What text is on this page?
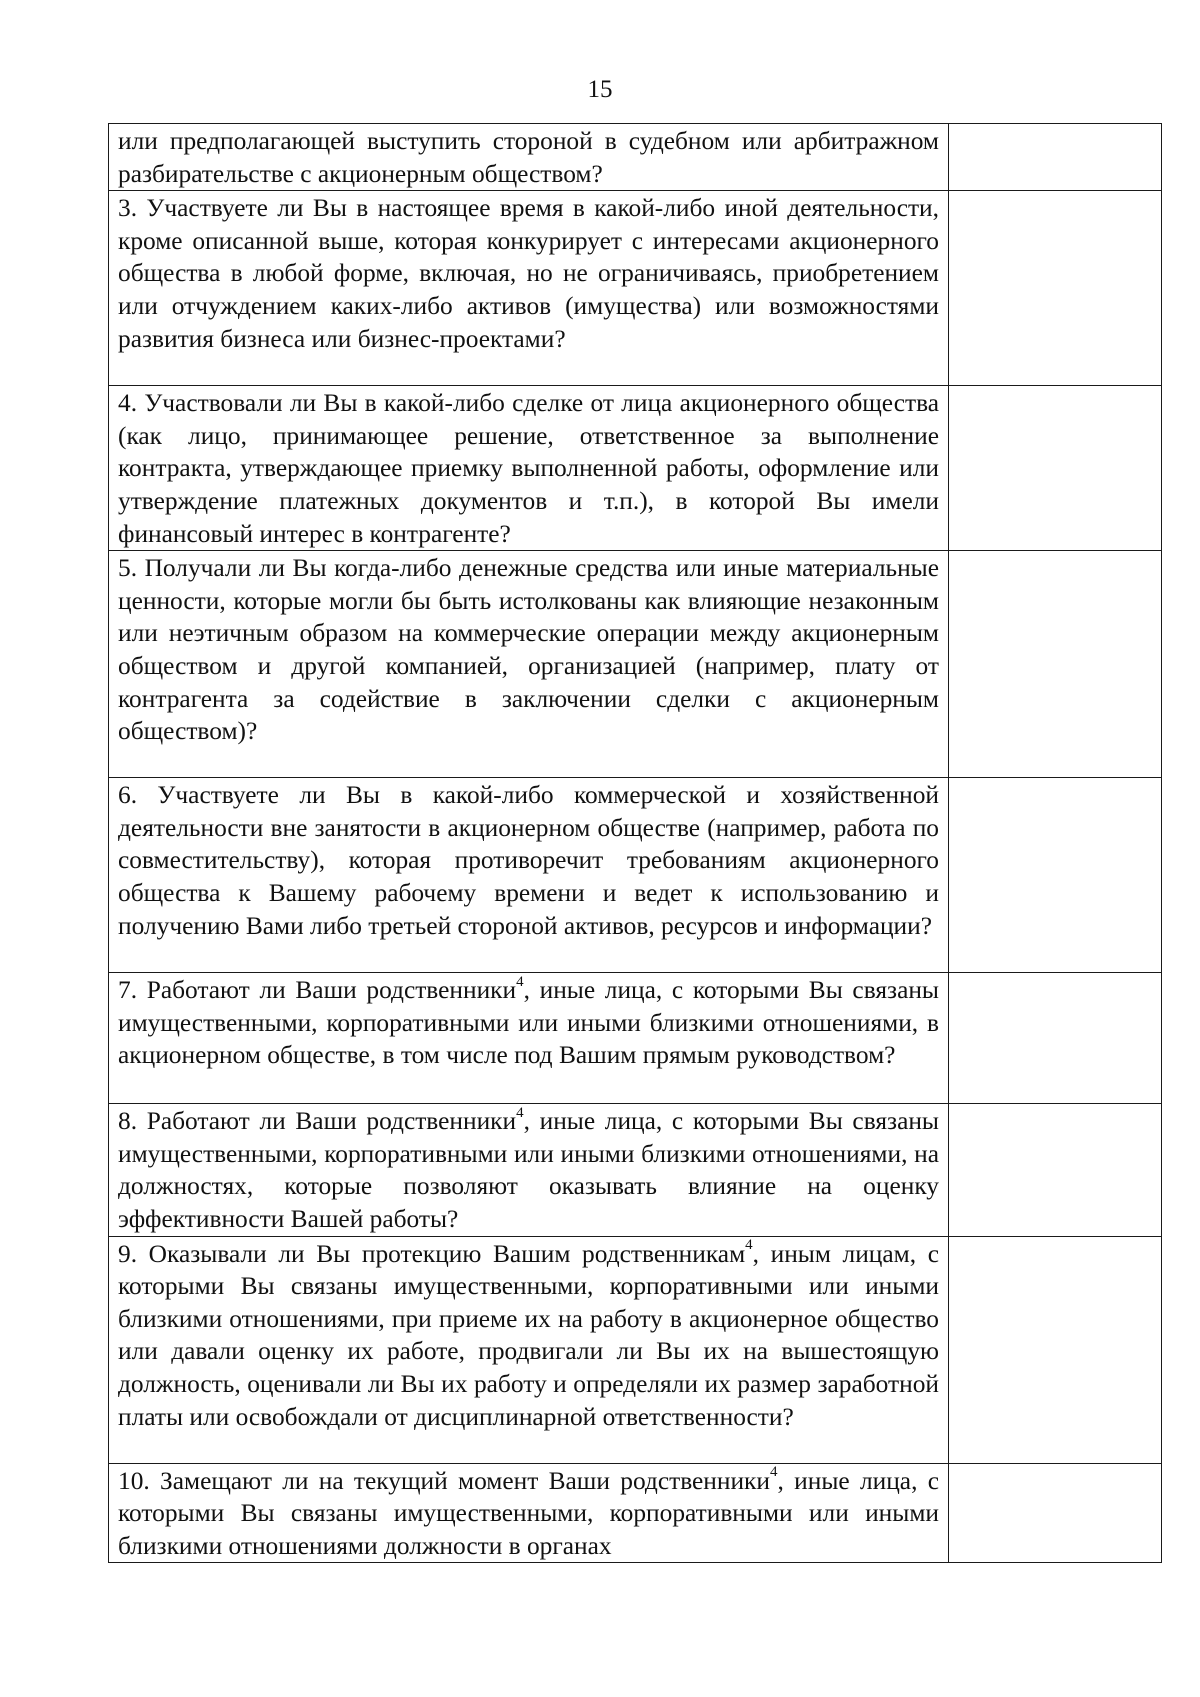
15
или предполагающей выступить стороной в судебном или арбитражном разбирательстве с акционерным обществом?	

3. Участвуете ли Вы в настоящее время в какой-либо иной деятельности, кроме описанной выше, которая конкурирует с интересами акционерного общества в любой форме, включая, но не ограничиваясь, приобретением или отчуждением каких-либо активов (имущества) или возможностями развития бизнеса или бизнес-проектами?	

4. Участвовали ли Вы в какой-либо сделке от лица акционерного общества (как лицо, принимающее решение, ответственное за выполнение контракта, утверждающее приемку выполненной работы, оформление или утверждение платежных документов и т.п.), в которой Вы имели финансовый интерес в контрагенте?	

5. Получали ли Вы когда-либо денежные средства или иные материальные ценности, которые могли бы быть истолкованы как влияющие незаконным или неэтичным образом на коммерческие операции между акционерным обществом и другой компанией, организацией (например, плату от контрагента за содействие в заключении сделки с акционерным обществом)?	

6. Участвуете ли Вы в какой-либо коммерческой и хозяйственной деятельности вне занятости в акционерном обществе (например, работа по совместительству), которая противоречит требованиям акционерного общества к Вашему рабочему времени и ведет к использованию и получению Вами либо третьей стороной активов, ресурсов и информации?	

7. Работают ли Ваши родственники$^4$, иные лица, с которыми Вы связаны имущественными, корпоративными или иными близкими отношениями, в акционерном обществе, в том числе под Вашим прямым руководством?	

8. Работают ли Ваши родственники$^4$, иные лица, с которыми Вы связаны имущественными, корпоративными или иными близкими отношениями, на должностях, которые позволяют оказывать влияние на оценку эффективности Вашей работы?	

9. Оказывали ли Вы протекцию Вашим родственникам$^4$, иным лицам, с которыми Вы связаны имущественными, корпоративными или иными близкими отношениями, при приеме их на работу в акционерное общество или давали оценку их работе, продвигали ли Вы их на вышестоящую должность, оценивали ли Вы их работу и определяли их размер заработной платы или освобождали от дисциплинарной ответственности?	

10. Замещают ли на текущий момент Ваши родственники$^4$, иные лица, с которыми Вы связаны имущественными, корпоративными или иными близкими отношениями должности в органах	
